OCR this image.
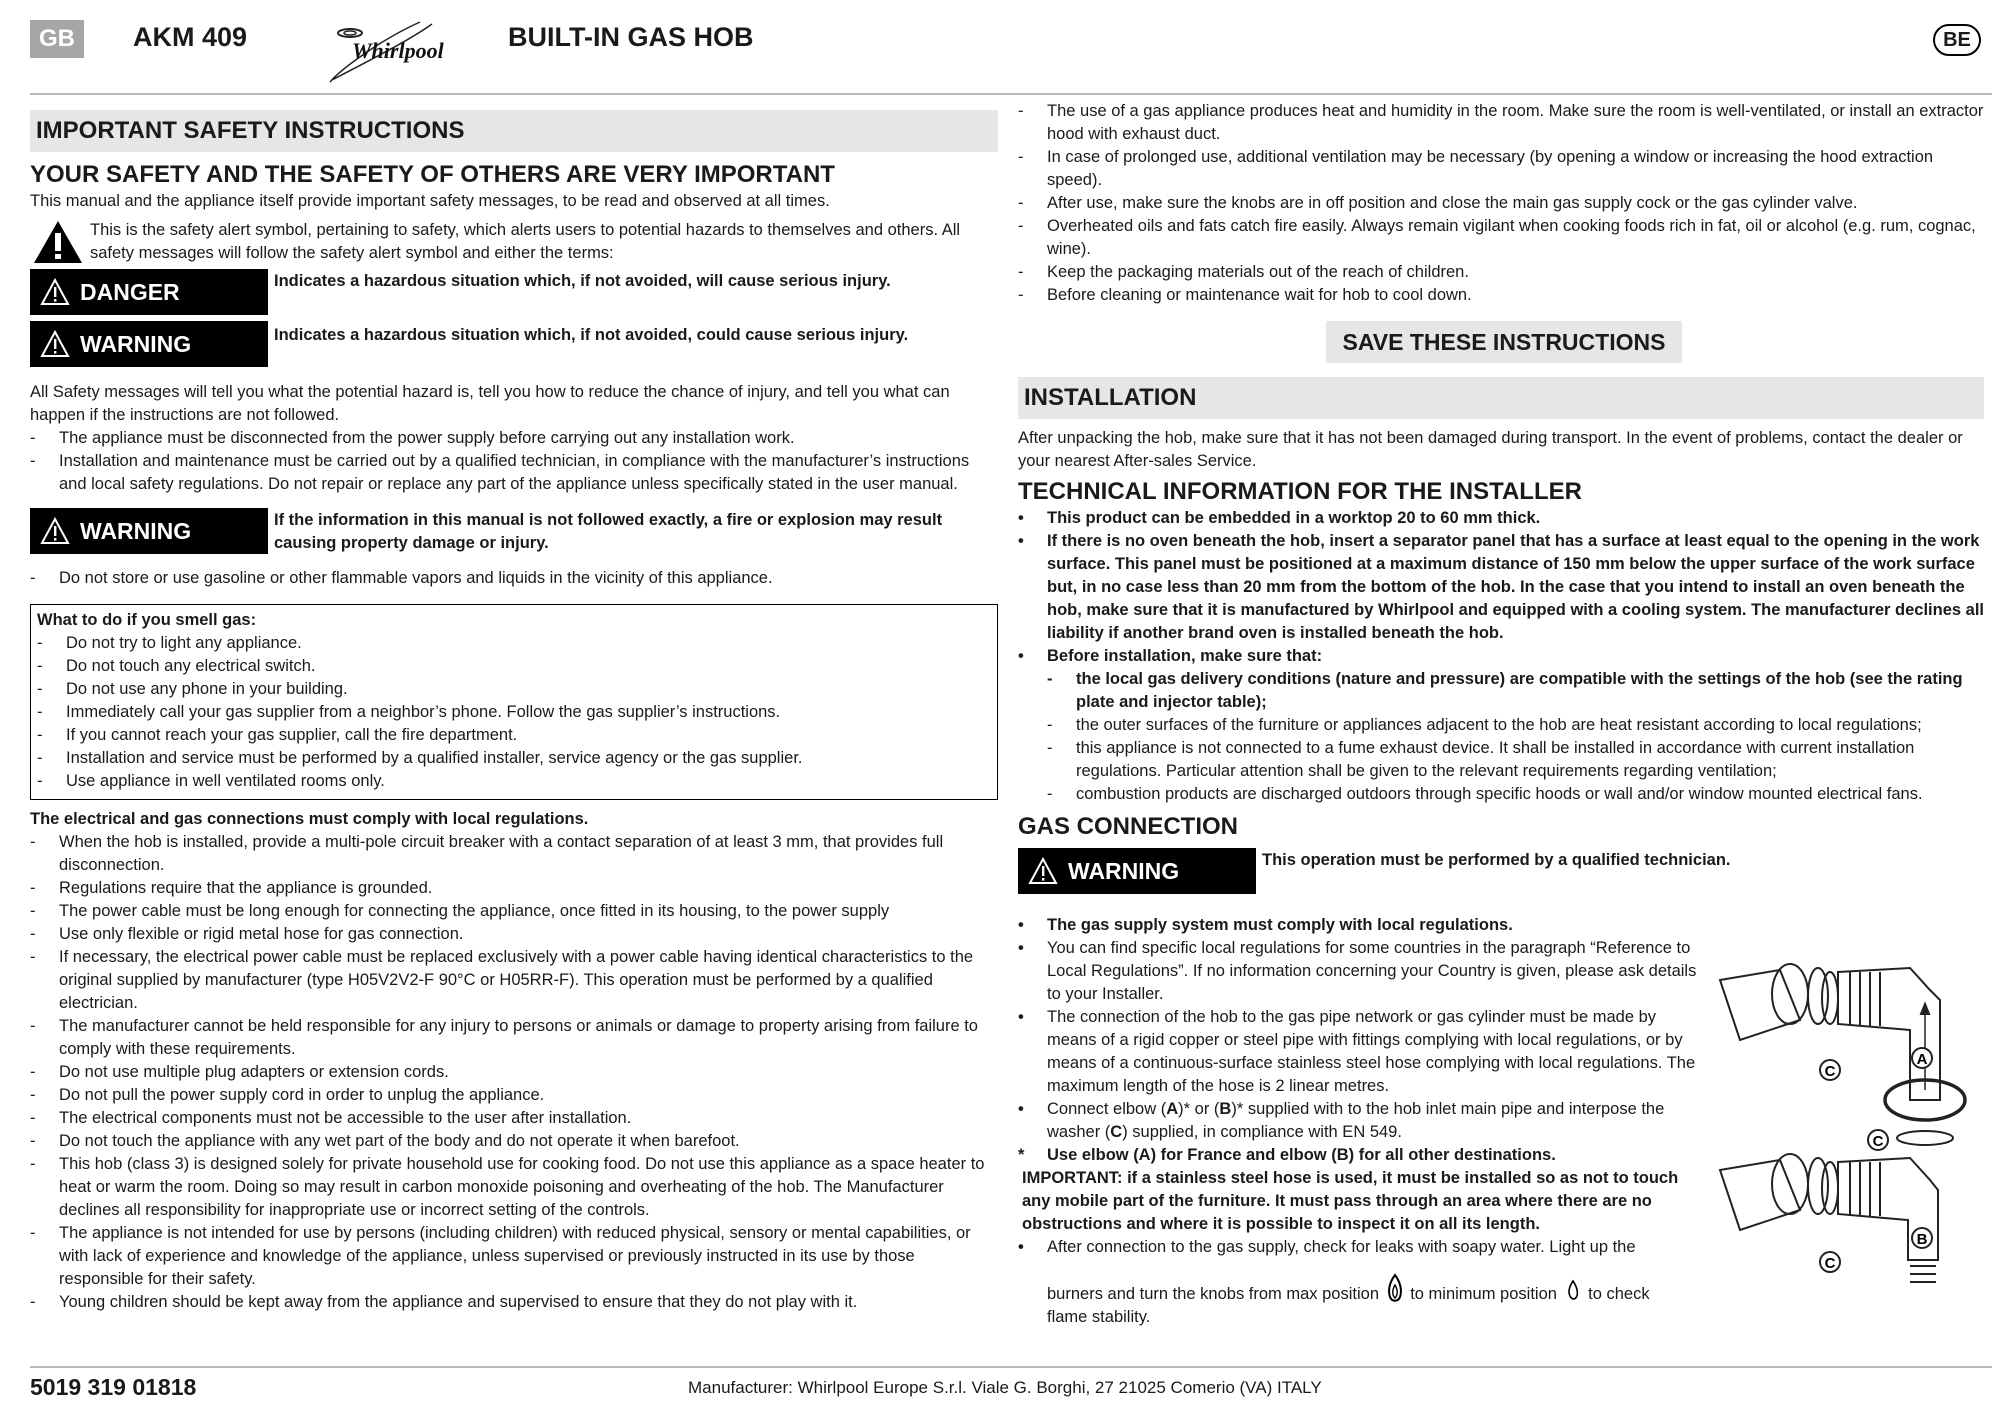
GB	AKM 409	Whirlpool BUILT-IN GAS HOB	BE
IMPORTANT SAFETY INSTRUCTIONS
YOUR SAFETY AND THE SAFETY OF OTHERS ARE VERY IMPORTANT

This manual and the appliance itself provide important safety messages, to be read and observed at all times.

This is the safety alert symbol, pertaining to safety, which alerts users to potential hazards to themselves and others. All safety messages will follow the safety alert symbol and either the terms:

DANGER	Indicates a hazardous situation which, if not avoided, will cause serious injury.
WARNING	Indicates a hazardous situation which, if not avoided, could cause serious injury.

All Safety messages will tell you what the potential hazard is, tell you how to reduce the chance of injury, and tell you what can happen if the instructions are not followed.

- The appliance must be disconnected from the power supply before carrying out any installation work.
- Installation and maintenance must be carried out by a qualified technician, in compliance with the manufacturer’s instructions and local safety regulations. Do not repair or replace any part of the appliance unless specifically stated in the user manual.
WARNING	If the information in this manual is not followed exactly, a fire or explosion may result causing property damage or injury.
- Do not store or use gasoline or other flammable vapors and liquids in the vicinity of this appliance.
What to do if you smell gas:
- Do not try to light any appliance.
- Do not touch any electrical switch.
- Do not use any phone in your building.
- Immediately call your gas supplier from a neighbor’s phone. Follow the gas supplier’s instructions.
- If you cannot reach your gas supplier, call the fire department.
- Installation and service must be performed by a qualified installer, service agency or the gas supplier.
- Use appliance in well ventilated rooms only.
The electrical and gas connections must comply with local regulations.
- When the hob is installed, provide a multi-pole circuit breaker with a contact separation of at least 3 mm, that provides full disconnection.
- Regulations require that the appliance is grounded.
- The power cable must be long enough for connecting the appliance, once fitted in its housing, to the power supply
- Use only flexible or rigid metal hose for gas connection.
- If necessary, the electrical power cable must be replaced exclusively with a power cable having identical characteristics to the original supplied by manufacturer (type H05V2V2-F 90°C or H05RR-F). This operation must be performed by a qualified electrician.
- The manufacturer cannot be held responsible for any injury to persons or animals or damage to property arising from failure to comply with these requirements.
- Do not use multiple plug adapters or extension cords.
- Do not pull the power supply cord in order to unplug the appliance.
- The electrical components must not be accessible to the user after installation.
- Do not touch the appliance with any wet part of the body and do not operate it when barefoot.
- This hob (class 3) is designed solely for private household use for cooking food. Do not use this appliance as a space heater to heat or warm the room. Doing so may result in carbon monoxide poisoning and overheating of the hob. The Manufacturer declines all responsibility for inappropriate use or incorrect setting of the controls.
- The appliance is not intended for use by persons (including children) with reduced physical, sensory or mental capabilities, or with lack of experience and knowledge of the appliance, unless supervised or previously instructed in its use by those responsible for their safety.
- Young children should be kept away from the appliance and supervised to ensure that they do not play with it.
- The use of a gas appliance produces heat and humidity in the room. Make sure the room is well-ventilated, or install an extractor hood with exhaust duct.
- In case of prolonged use, additional ventilation may be necessary (by opening a window or increasing the hood extraction speed).
- After use, make sure the knobs are in off position and close the main gas supply cock or the gas cylinder valve.
- Overheated oils and fats catch fire easily. Always remain vigilant when cooking foods rich in fat, oil or alcohol (e.g. rum, cognac, wine).
- Keep the packaging materials out of the reach of children.
- Before cleaning or maintenance wait for hob to cool down.
SAVE THESE INSTRUCTIONS
INSTALLATION

After unpacking the hob, make sure that it has not been damaged during transport. In the event of problems, contact the dealer or your nearest After-sales Service.

TECHNICAL INFORMATION FOR THE INSTALLER
• This product can be embedded in a worktop 20 to 60 mm thick.
• If there is no oven beneath the hob, insert a separator panel that has a surface at least equal to the opening in the work surface. This panel must be positioned at a maximum distance of 150 mm below the upper surface of the work surface but, in no case less than 20 mm from the bottom of the hob. In the case that you intend to install an oven beneath the hob, make sure that it is manufactured by Whirlpool and equipped with a cooling system. The manufacturer declines all liability if another brand oven is installed beneath the hob.
• Before installation, make sure that:
- the local gas delivery conditions (nature and pressure) are compatible with the settings of the hob (see the rating plate and injector table);
- the outer surfaces of the furniture or appliances adjacent to the hob are heat resistant according to local regulations;
- this appliance is not connected to a fume exhaust device. It shall be installed in accordance with current installation regulations. Particular attention shall be given to the relevant requirements regarding ventilation;
- combustion products are discharged outdoors through specific hoods or wall and/or window mounted electrical fans.
GAS CONNECTION
WARNING	This operation must be performed by a qualified technician.
• The gas supply system must comply with local regulations.
• You can find specific local regulations for some countries in the paragraph “Reference to Local Regulations”. If no information concerning your Country is given, please ask details to your Installer.
• The connection of the hob to the gas pipe network or gas cylinder must be made by means of a rigid copper or steel pipe with fittings complying with local regulations, or by means of a continuous-surface stainless steel hose complying with local regulations. The maximum length of the hose is 2 linear metres.
• Connect elbow (A)* or (B)* supplied with to the hob inlet main pipe and interpose the washer (C) supplied, in compliance with EN 549.
* Use elbow (A) for France and elbow (B) for all other destinations.
IMPORTANT: if a stainless steel hose is used, it must be installed so as not to touch any mobile part of the furniture. It must pass through an area where there are no obstructions and where it is possible to inspect it on all its length.
• After connection to the gas supply, check for leaks with soapy water. Light up the
burners and turn the knobs from max position to minimum position to check
flame stability.
A
C
C
B
C
5019 319 01818	Manufacturer: Whirlpool Europe S.r.l. Viale G. Borghi, 27 21025 Comerio (VA) ITALY
